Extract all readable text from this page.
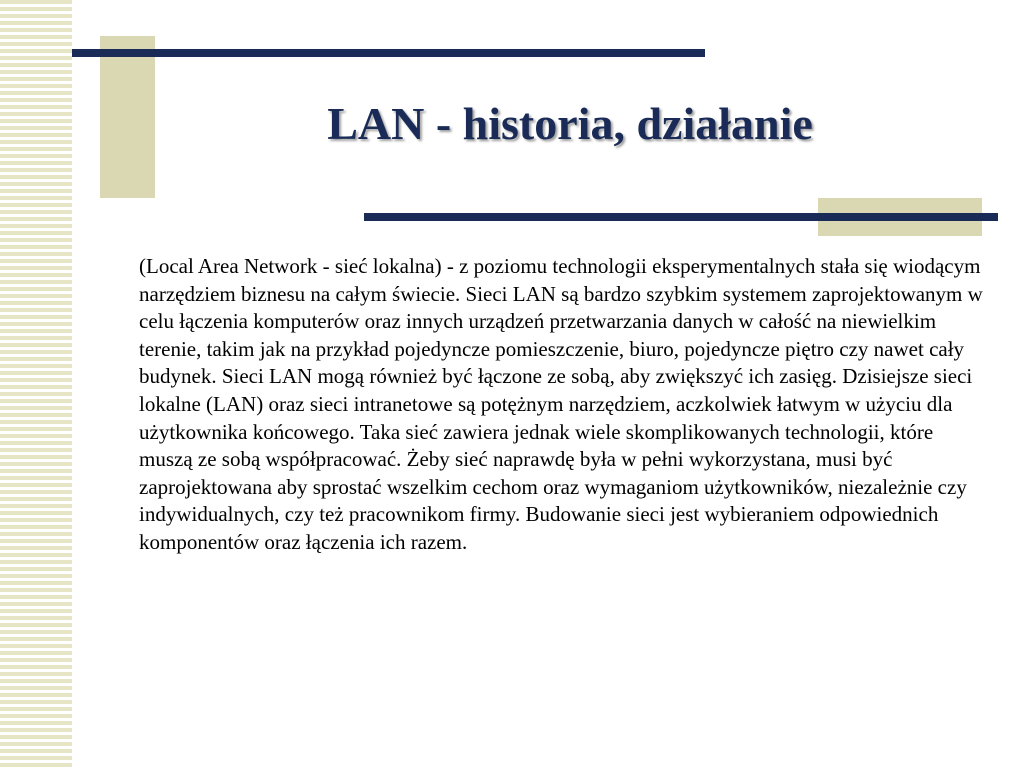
LAN - historia, działanie

(Local Area Network - sieć lokalna) - z poziomu technologii eksperymentalnych stała się wiodącym narzędziem biznesu na całym świecie. Sieci LAN są bardzo szybkim systemem zaprojektowanym w celu łączenia komputerów oraz innych urządzeń przetwarzania danych w całość na niewielkim terenie, takim jak na przykład pojedyncze pomieszczenie, biuro, pojedyncze piętro czy nawet cały budynek. Sieci LAN mogą również być łączone ze sobą, aby zwiększyć ich zasięg. Dzisiejsze sieci lokalne (LAN) oraz sieci intranetowe są potężnym narzędziem, aczkolwiek łatwym w użyciu dla użytkownika końcowego. Taka sieć zawiera jednak wiele skomplikowanych technologii, które muszą ze sobą współpracować. Żeby sieć naprawdę była w pełni wykorzystana, musi być zaprojektowana aby sprostać wszelkim cechom oraz wymaganiom użytkowników, niezależnie czy indywidualnych, czy też pracownikom firmy. Budowanie sieci jest wybieraniem odpowiednich komponentów oraz łączenia ich razem.
